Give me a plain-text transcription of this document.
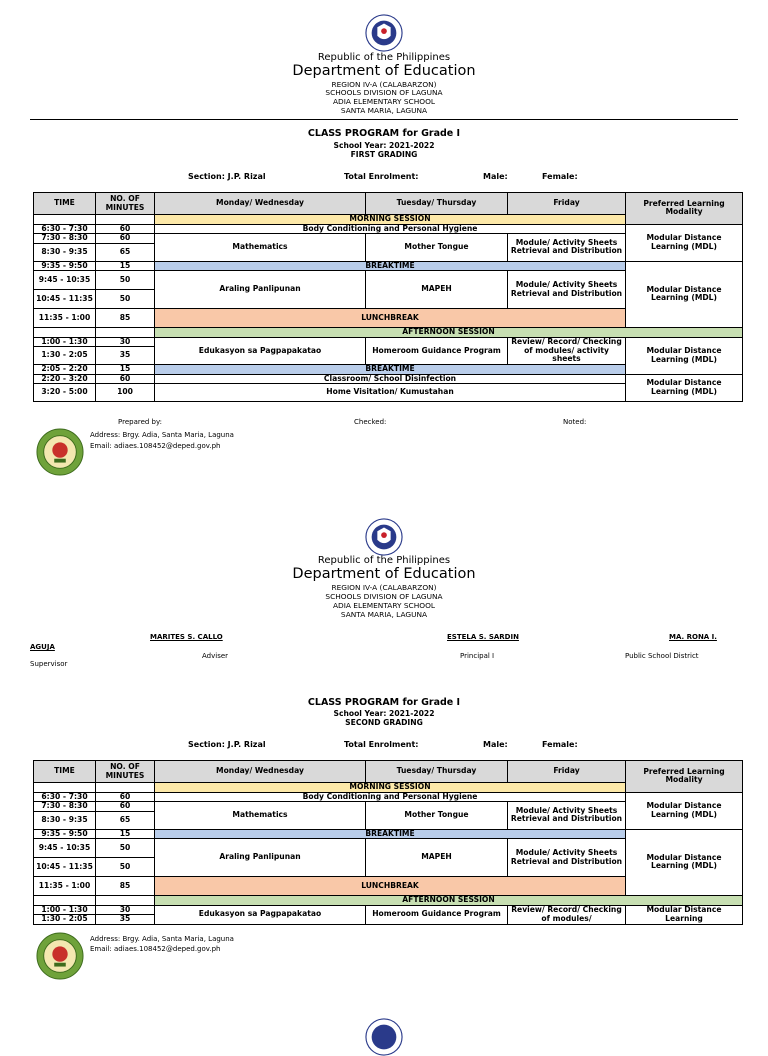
Republic of the Philippines
Department of Education
REGION IV-A (CALABARZON)
SCHOOLS DIVISION OF LAGUNA
ADIA ELEMENTARY SCHOOL
SANTA MARIA, LAGUNA
CLASS PROGRAM for Grade I
School Year: 2021-2022
FIRST GRADING
Section: J.P. Rizal	Total Enrolment:	Male:	Female:
TIME	NO. OF MINUTES	Monday/ Wednesday	Tuesday/ Thursday	Friday	Preferred Learning Modality
		MORNING SESSION			
6:30 - 7:30	60	Body Conditioning and Personal Hygiene			Modular Distance Learning (MDL)
7:30 - 8:30	60	Mathematics	Mother Tongue	Module/ Activity Sheets Retrieval and Distribution	
8:30 - 9:35	65				
9:35 - 9:50	15	BREAKTIME			Modular Distance Learning (MDL)
9:45 - 10:35	50	Araling Panlipunan	MAPEH	Module/ Activity Sheets Retrieval and Distribution	
10:45 - 11:35	50				
11:35 - 1:00	85	LUNCHBREAK			
		AFTERNOON SESSION			
1:00 - 1:30	30	Edukasyon sa Pagpapakatao	Homeroom Guidance Program	Review/ Record/ Checking of modules/ activity sheets	Modular Distance Learning (MDL)
1:30 - 2:05	35				
2:05 - 2:20	15	BREAKTIME			
2:20 - 3:20	60	Classroom/ School Disinfection			Modular Distance Learning (MDL)
3:20 - 5:00	100	Home Visitation/ Kumustahan			
Prepared by:	Checked:	Noted:
Address: Brgy. Adia, Santa Maria, Laguna
Email: adiaes.108452@deped.gov.ph
Republic of the Philippines
Department of Education
REGION IV-A (CALABARZON)
SCHOOLS DIVISION OF LAGUNA
ADIA ELEMENTARY SCHOOL
SANTA MARIA, LAGUNA
MARITES S. CALLO	ESTELA S. SARDIN	MA. RONA I.
AGUJA
Adviser	Principal I	Public School District
Supervisor
CLASS PROGRAM for Grade I
School Year: 2021-2022
SECOND GRADING
Section: J.P. Rizal	Total Enrolment:	Male:	Female:
TIME	NO. OF MINUTES	Monday/ Wednesday	Tuesday/ Thursday	Friday	Preferred Learning Modality
		MORNING SESSION			
6:30 - 7:30	60	Body Conditioning and Personal Hygiene			Modular Distance Learning (MDL)
7:30 - 8:30	60	Mathematics	Mother Tongue	Module/ Activity Sheets Retrieval and Distribution	
8:30 - 9:35	65				
9:35 - 9:50	15	BREAKTIME			Modular Distance Learning (MDL)
9:45 - 10:35	50	Araling Panlipunan	MAPEH	Module/ Activity Sheets Retrieval and Distribution	
10:45 - 11:35	50				
11:35 - 1:00	85	LUNCHBREAK			
		AFTERNOON SESSION			
1:00 - 1:30	30	Edukasyon sa Pagpapakatao	Homeroom Guidance Program	Review/ Record/ Checking of modules/	Modular Distance Learning
1:30 - 2:05	35				
Address: Brgy. Adia, Santa Maria, Laguna
Email: adiaes.108452@deped.gov.ph
